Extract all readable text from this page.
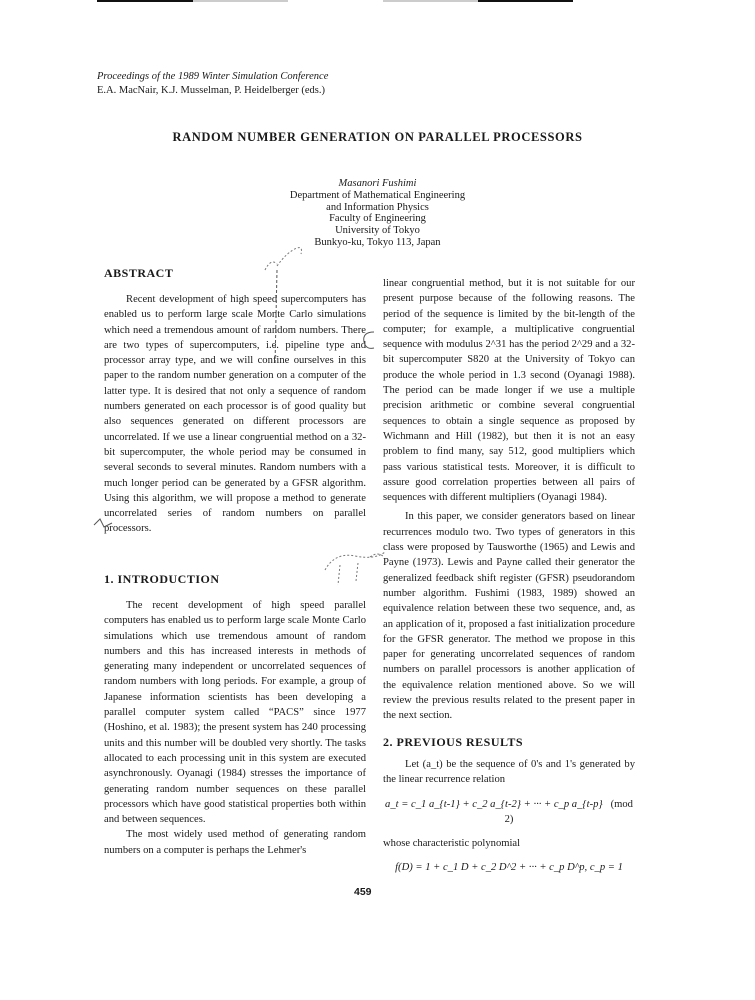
Proceedings of the 1989 Winter Simulation Conference
E.A. MacNair, K.J. Musselman, P. Heidelberger (eds.)
RANDOM NUMBER GENERATION ON PARALLEL PROCESSORS
Masanori Fushimi
Department of Mathematical Engineering
and Information Physics
Faculty of Engineering
University of Tokyo
Bunkyo-ku, Tokyo 113, Japan
ABSTRACT

Recent development of high speed supercomputers has enabled us to perform large scale Monte Carlo simulations which need a tremendous amount of random numbers. There are two types of supercomputers, i.e. pipeline type and processor array type, and we will confine ourselves in this paper to the random number generation on a computer of the latter type. It is desired that not only a sequence of random numbers generated on each processor is of good quality but also sequences generated on different processors are uncorrelated. If we use a linear congruential method on a 32-bit supercomputer, the whole period may be consumed in several seconds to several minutes. Random numbers with a much longer period can be generated by a GFSR algorithm. Using this algorithm, we will propose a method to generate uncorrelated series of random numbers on parallel processors.

1. INTRODUCTION

The recent development of high speed parallel computers has enabled us to perform large scale Monte Carlo simulations which use tremendous amount of random numbers and this has increased interests in methods of generating many independent or uncorrelated sequences of random numbers with long periods. For example, a group of Japanese information scientists has been developing a parallel computer system called “PACS” since 1977 (Hoshino, et al. 1983); the present system has 240 processing units and this number will be doubled very shortly. The tasks allocated to each processing unit in this system are executed asynchronously. Oyanagi (1984) stresses the importance of generating random number sequences on these parallel processors which have good statistical properties both within and between sequences.

The most widely used method of generating random numbers on a computer is perhaps the Lehmer's

linear congruential method, but it is not suitable for our present purpose because of the following reasons. The period of the sequence is limited by the bit-length of the computer; for example, a multiplicative congruential sequence with modulus 2^31 has the period 2^29 and a 32-bit supercomputer S820 at the University of Tokyo can produce the whole period in 1.3 second (Oyanagi 1988). The period can be made longer if we use a multiple precision arithmetic or combine several congruential sequences to obtain a single sequence as proposed by Wichmann and Hill (1982), but then it is not an easy problem to find many, say 512, good multipliers which pass various statistical tests. Moreover, it is difficult to assure good correlation properties between all pairs of sequences with different multipliers (Oyanagi 1984).

In this paper, we consider generators based on linear recurrences modulo two. Two types of generators in this class were proposed by Tausworthe (1965) and Lewis and Payne (1973). Lewis and Payne called their generator the generalized feedback shift register (GFSR) pseudorandom number algorithm. Fushimi (1983, 1989) showed an equivalence relation between these two sequence, and, as an application of it, proposed a fast initialization procedure for the GFSR generator. The method we propose in this paper for generating uncorrelated sequences of random numbers on parallel processors is another application of the equivalence relation mentioned above. So we will review the previous results related to the present paper in the next section.

2. PREVIOUS RESULTS

Let (a_t) be the sequence of 0's and 1's generated by the linear recurrence relation

a_t = c_1 a_{t-1} + c_2 a_{t-2} + ··· + c_p a_{t-p} (mod 2)

whose characteristic polynomial

f(D) = 1 + c_1 D + c_2 D^2 + ··· + c_p D^p, c_p = 1
459
